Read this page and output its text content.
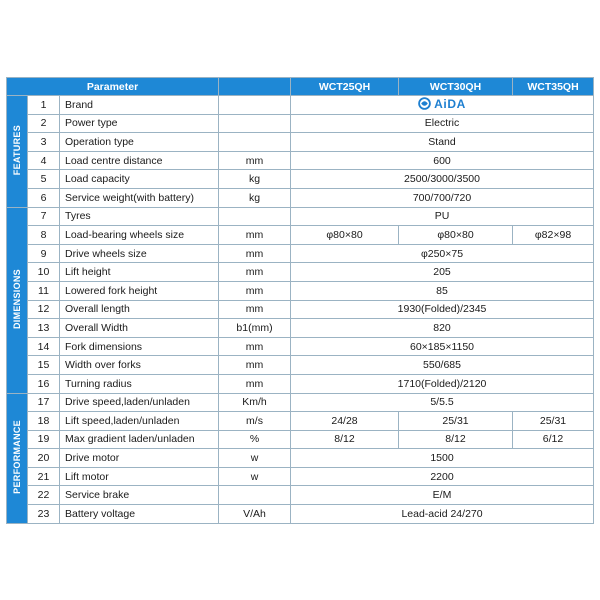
Parameter				WCT25QH	WCT30QH	WCT35QH
FEATURES	1	Brand		AiDA		

	2	Power type		Electric		
	3	Operation type		Stand		
	4	Load centre distance	mm	600		
	5	Load capacity	kg	2500/3000/3500		
	6	Service weight(with battery)	kg	700/700/720		
DIMENSIONS	7	Tyres		PU		
	8	Load-bearing wheels size	mm	φ80×80	φ80×80	φ82×98
	9	Drive wheels size	mm	φ250×75		
	10	Lift height	mm	205		
	11	Lowered fork height	mm	85		
	12	Overall length	mm	1930(Folded)/2345		
	13	Overall Width	b1(mm)	820		
	14	Fork dimensions	mm	60×185×1150		
	15	Width over forks	mm	550/685		
	16	Turning radius	mm	1710(Folded)/2120		
PERFORMANCE	17	Drive speed,laden/unladen	Km/h	5/5.5		
	18	Lift speed,laden/unladen	m/s	24/28	25/31	25/31
	19	Max gradient laden/unladen	%	8/12	8/12	6/12
	20	Drive motor	w	1500		
	21	Lift motor	w	2200		
	22	Service brake		E/M		
	23	Battery voltage	V/Ah	Lead-acid 24/270		
